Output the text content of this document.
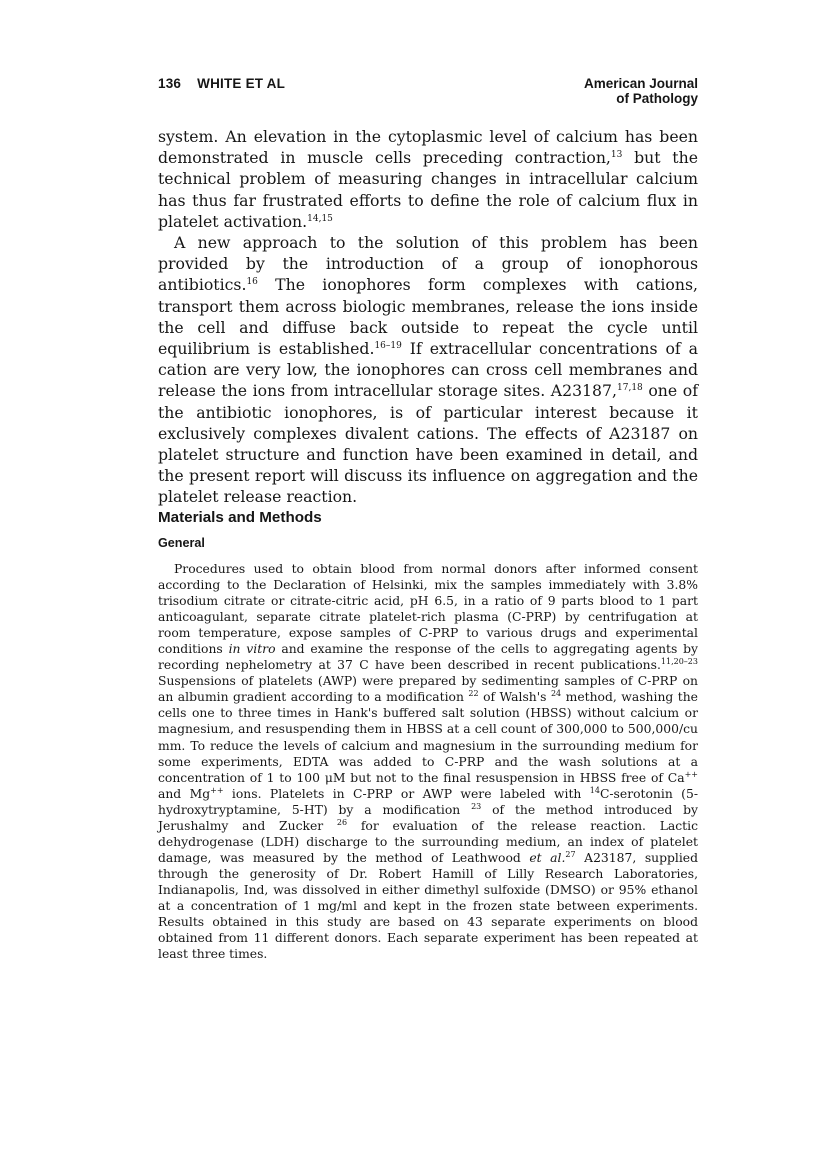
136 WHITE ET AL	American Journal
of Pathology

system. An elevation in the cytoplasmic level of calcium has been demonstrated in muscle cells preceding contraction,$^{13}$ but the technical problem of measuring changes in intracellular calcium has thus far frustrated efforts to define the role of calcium flux in platelet activation.$^{14,15}$

A new approach to the solution of this problem has been provided by the introduction of a group of ionophorous antibiotics.$^{16}$ The ionophores form complexes with cations, transport them across biologic membranes, release the ions inside the cell and diffuse back outside to repeat the cycle until equilibrium is established.$^{16-19}$ If extracellular concentrations of a cation are very low, the ionophores can cross cell membranes and release the ions from intracellular storage sites. A23187,$^{17,18}$ one of the antibiotic ionophores, is of particular interest because it exclusively complexes divalent cations. The effects of A23187 on platelet structure and function have been examined in detail, and the present report will discuss its influence on aggregation and the platelet release reaction.

Materials and Methods
General

Procedures used to obtain blood from normal donors after informed consent according to the Declaration of Helsinki, mix the samples immediately with 3.8% trisodium citrate or citrate-citric acid, pH 6.5, in a ratio of 9 parts blood to 1 part anticoagulant, separate citrate platelet-rich plasma (C-PRP) by centrifugation at room temperature, expose samples of C-PRP to various drugs and experimental conditions in vitro and examine the response of the cells to aggregating agents by recording nephelometry at 37 C have been described in recent publications.$^{11,20-23}$ Suspensions of platelets (AWP) were prepared by sedimenting samples of C-PRP on an albumin gradient according to a modification $^{22}$ of Walsh's $^{24}$ method, washing the cells one to three times in Hank's buffered salt solution (HBSS) without calcium or magnesium, and resuspending them in HBSS at a cell count of 300,000 to 500,000/cu mm. To reduce the levels of calcium and magnesium in the surrounding medium for some experiments, EDTA was added to C-PRP and the wash solutions at a concentration of 1 to 100 μM but not to the final resuspension in HBSS free of Ca++ and Mg++ ions. Platelets in C-PRP or AWP were labeled with $^{14}$C-serotonin (5-hydroxytryptamine, 5-HT) by a modification $^{23}$ of the method introduced by Jerushalmy and Zucker $^{26}$ for evaluation of the release reaction. Lactic dehydrogenase (LDH) discharge to the surrounding medium, an index of platelet damage, was measured by the method of Leathwood et al.$^{27}$ A23187, supplied through the generosity of Dr. Robert Hamill of Lilly Research Laboratories, Indianapolis, Ind, was dissolved in either dimethyl sulfoxide (DMSO) or 95% ethanol at a concentration of 1 mg/ml and kept in the frozen state between experiments. Results obtained in this study are based on 43 separate experiments on blood obtained from 11 different donors. Each separate experiment has been repeated at least three times.
